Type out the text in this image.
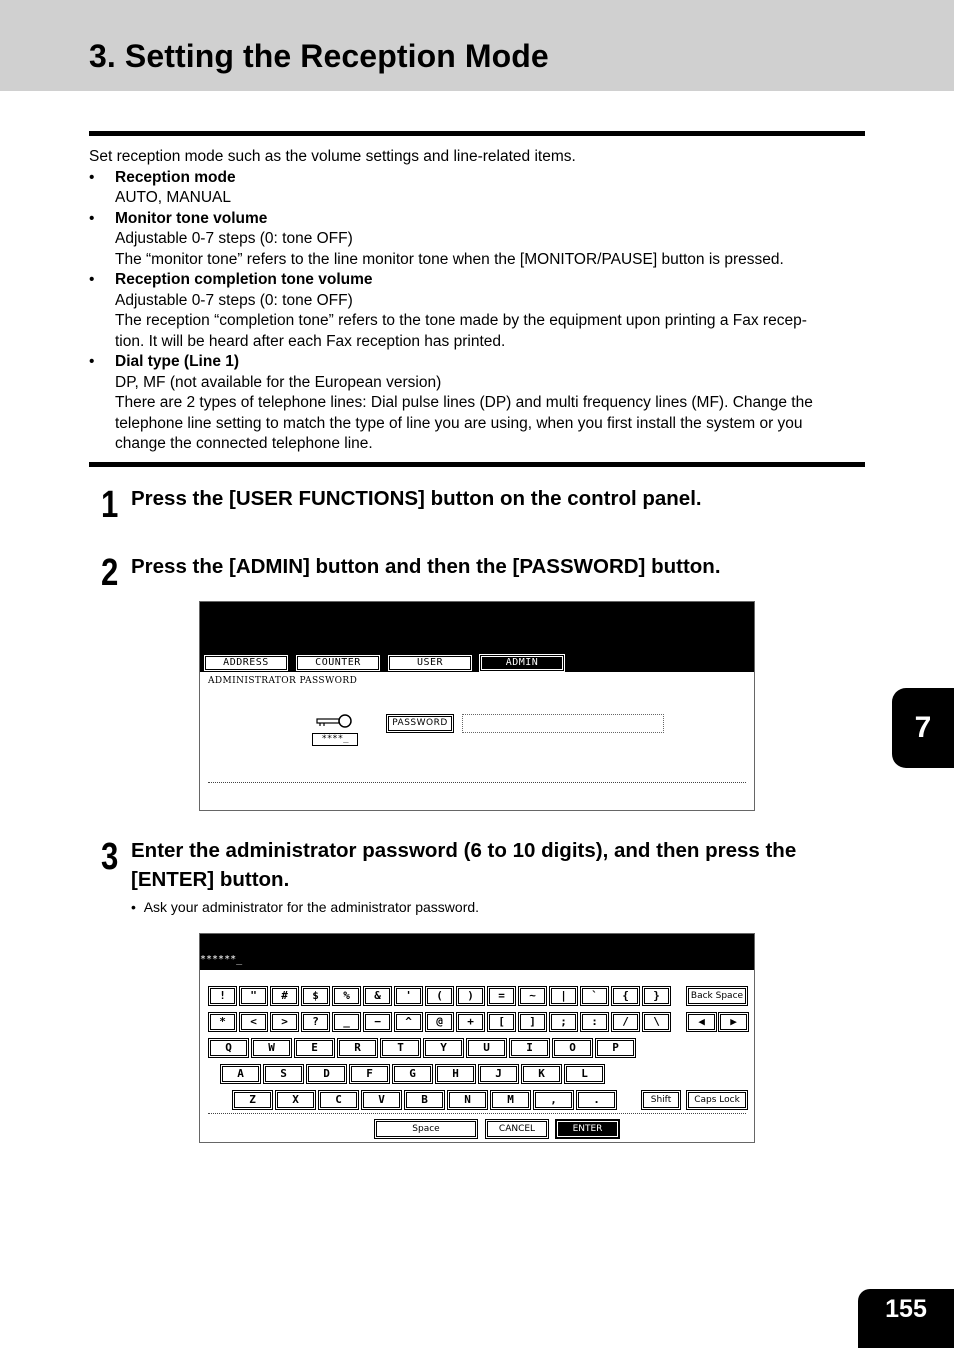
3. Setting the Reception Mode

Set reception mode such as the volume settings and line-related items.

• Reception mode
AUTO, MANUAL
• Monitor tone volume
Adjustable 0-7 steps (0: tone OFF)
The “monitor tone” refers to the line monitor tone when the [MONITOR/PAUSE] button is pressed.
• Reception completion tone volume
Adjustable 0-7 steps (0: tone OFF)
The reception “completion tone” refers to the tone made by the equipment upon printing a Fax recep-
tion. It will be heard after each Fax reception has printed.
• Dial type (Line 1)
DP, MF (not available for the European version)
There are 2 types of telephone lines: Dial pulse lines (DP) and multi frequency lines (MF). Change the
telephone line setting to match the type of line you are using, when you first install the system or you
change the connected telephone line.
1 Press the [USER FUNCTIONS] button on the control panel.
2 Press the [ADMIN] button and then the [PASSWORD] button.
ADDRESS	COUNTER	USER	ADMIN
ADMINISTRATOR PASSWORD
****_
PASSWORD
3 Enter the administrator password (6 to 10 digits), and then press the [ENTER] button.
•  Ask your administrator for the administrator password.
******_
Back Space
◀	▶
Shift	Caps Lock
Space	CANCEL	ENTER
!	"	#	$	%	&	'	(	)	=	~	|	`	{	}
*	<	>	?	_	−	^	@	+	[	]	;	:	/	\
Q	W	E	R	T	Y	U	I	O	P
A	S	D	F	G	H	J	K	L
Z	X	C	V	B	N	M	,	.
7
155
